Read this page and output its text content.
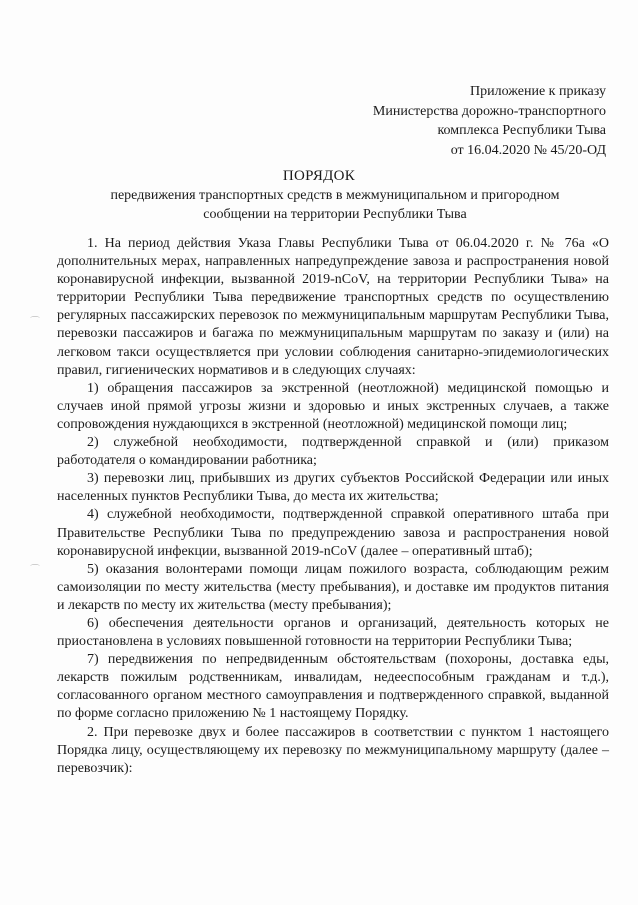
Приложение к приказу
Министерства дорожно-транспортного
комплекса Республики Тыва
от 16.04.2020 № 45/20-ОД
ПОРЯДОК
передвижения транспортных средств в межмуниципальном и пригородном
сообщении на территории Республики Тыва

1. На период действия Указа Главы Республики Тыва от 06.04.2020 г. № 76а «О дополнительных мерах, направленных напредупреждение завоза и распространения новой коронавирусной инфекции, вызванной 2019-nCoV, на территории Республики Тыва» на территории Республики Тыва передвижение транспортных средств по осуществлению регулярных пассажирских перевозок по межмуниципальным маршрутам Республики Тыва, перевозки пассажиров и багажа по межмуниципальным маршрутам по заказу и (или) на легковом такси осуществляется при условии соблюдения санитарно-эпидемиологических правил, гигиенических нормативов и в следующих случаях:

1) обращения пассажиров за экстренной (неотложной) медицинской помощью и случаев иной прямой угрозы жизни и здоровью и иных экстренных случаев, а также сопровождения нуждающихся в экстренной (неотложной) медицинской помощи лиц;

2) служебной необходимости, подтвержденной справкой и (или) приказом работодателя о командировании работника;

3) перевозки лиц, прибывших из других субъектов Российской Федерации или иных населенных пунктов Республики Тыва, до места их жительства;

4) служебной необходимости, подтвержденной справкой оперативного штаба при Правительстве Республики Тыва по предупреждению завоза и распространения новой коронавирусной инфекции, вызванной 2019-nCoV (далее – оперативный штаб);

5) оказания волонтерами помощи лицам пожилого возраста, соблюдающим режим самоизоляции по месту жительства (месту пребывания), и доставке им продуктов питания и лекарств по месту их жительства (месту пребывания);

6) обеспечения деятельности органов и организаций, деятельность которых не приостановлена в условиях повышенной готовности на территории Республики Тыва;

7) передвижения по непредвиденным обстоятельствам (похороны, доставка еды, лекарств пожилым родственникам, инвалидам, недееспособным гражданам и т.д.), согласованного органом местного самоуправления и подтвержденного справкой, выданной по форме согласно приложению № 1 настоящему Порядку.

2. При перевозке двух и более пассажиров в соответствии с пунктом 1 настоящего Порядка лицу, осуществляющему их перевозку по межмуниципальному маршруту (далее – перевозчик):

⌒
⌒
